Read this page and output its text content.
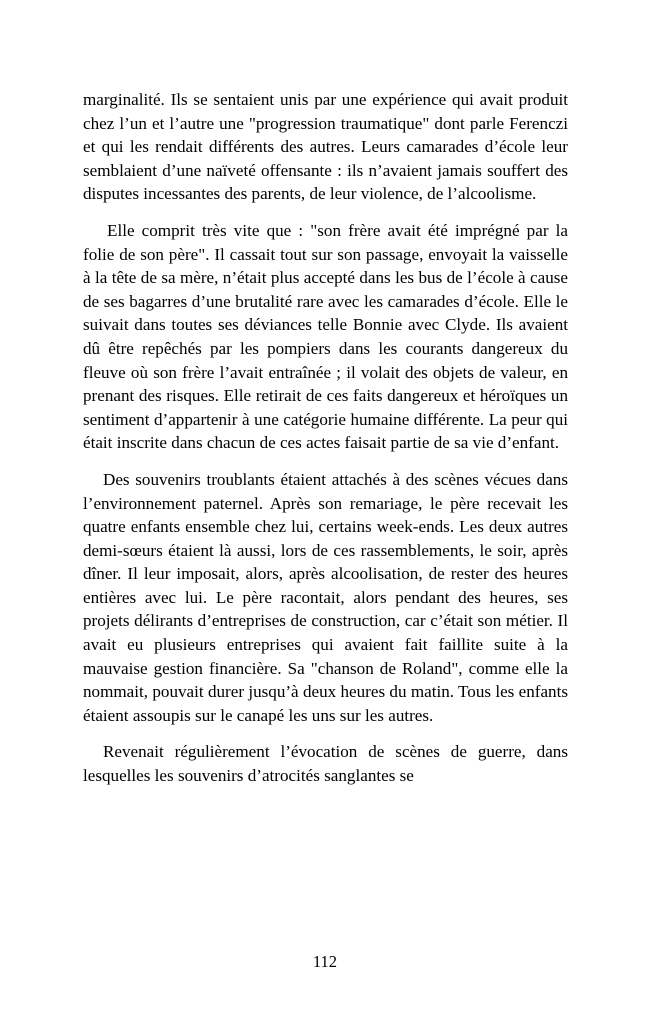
marginalité. Ils se sentaient unis par une expérience qui avait produit chez l’un et l’autre une "progression traumatique" dont parle Ferenczi et qui les rendait différents des autres. Leurs camarades d’école leur semblaient d’une naïveté offensante : ils n’avaient jamais souffert des disputes incessantes des parents, de leur violence, de l’alcoolisme.

Elle comprit très vite que : "son frère avait été imprégné par la folie de son père". Il cassait tout sur son passage, envoyait la vaisselle à la tête de sa mère, n’était plus accepté dans les bus de l’école à cause de ses bagarres d’une brutalité rare avec les camarades d’école. Elle le suivait dans toutes ses déviances telle Bonnie avec Clyde. Ils avaient dû être repêchés par les pompiers dans les courants dangereux du fleuve où son frère l’avait entraînée ; il volait des objets de valeur, en prenant des risques. Elle retirait de ces faits dangereux et héroïques un sentiment d’appartenir à une catégorie humaine différente. La peur qui était inscrite dans chacun de ces actes faisait partie de sa vie d’enfant.

Des souvenirs troublants étaient attachés à des scènes vécues dans l’environnement paternel. Après son remariage, le père recevait les quatre enfants ensemble chez lui, certains week-ends. Les deux autres demi-sœurs étaient là aussi, lors de ces rassemblements, le soir, après dîner. Il leur imposait, alors, après alcoolisation, de rester des heures entières avec lui. Le père racontait, alors pendant des heures, ses projets délirants d’entreprises de construction, car c’était son métier. Il avait eu plusieurs entreprises qui avaient fait faillite suite à la mauvaise gestion financière. Sa "chanson de Roland", comme elle la nommait, pouvait durer jusqu’à deux heures du matin. Tous les enfants étaient assoupis sur le canapé les uns sur les autres.

Revenait régulièrement l’évocation de scènes de guerre, dans lesquelles les souvenirs d’atrocités sanglantes se

112
